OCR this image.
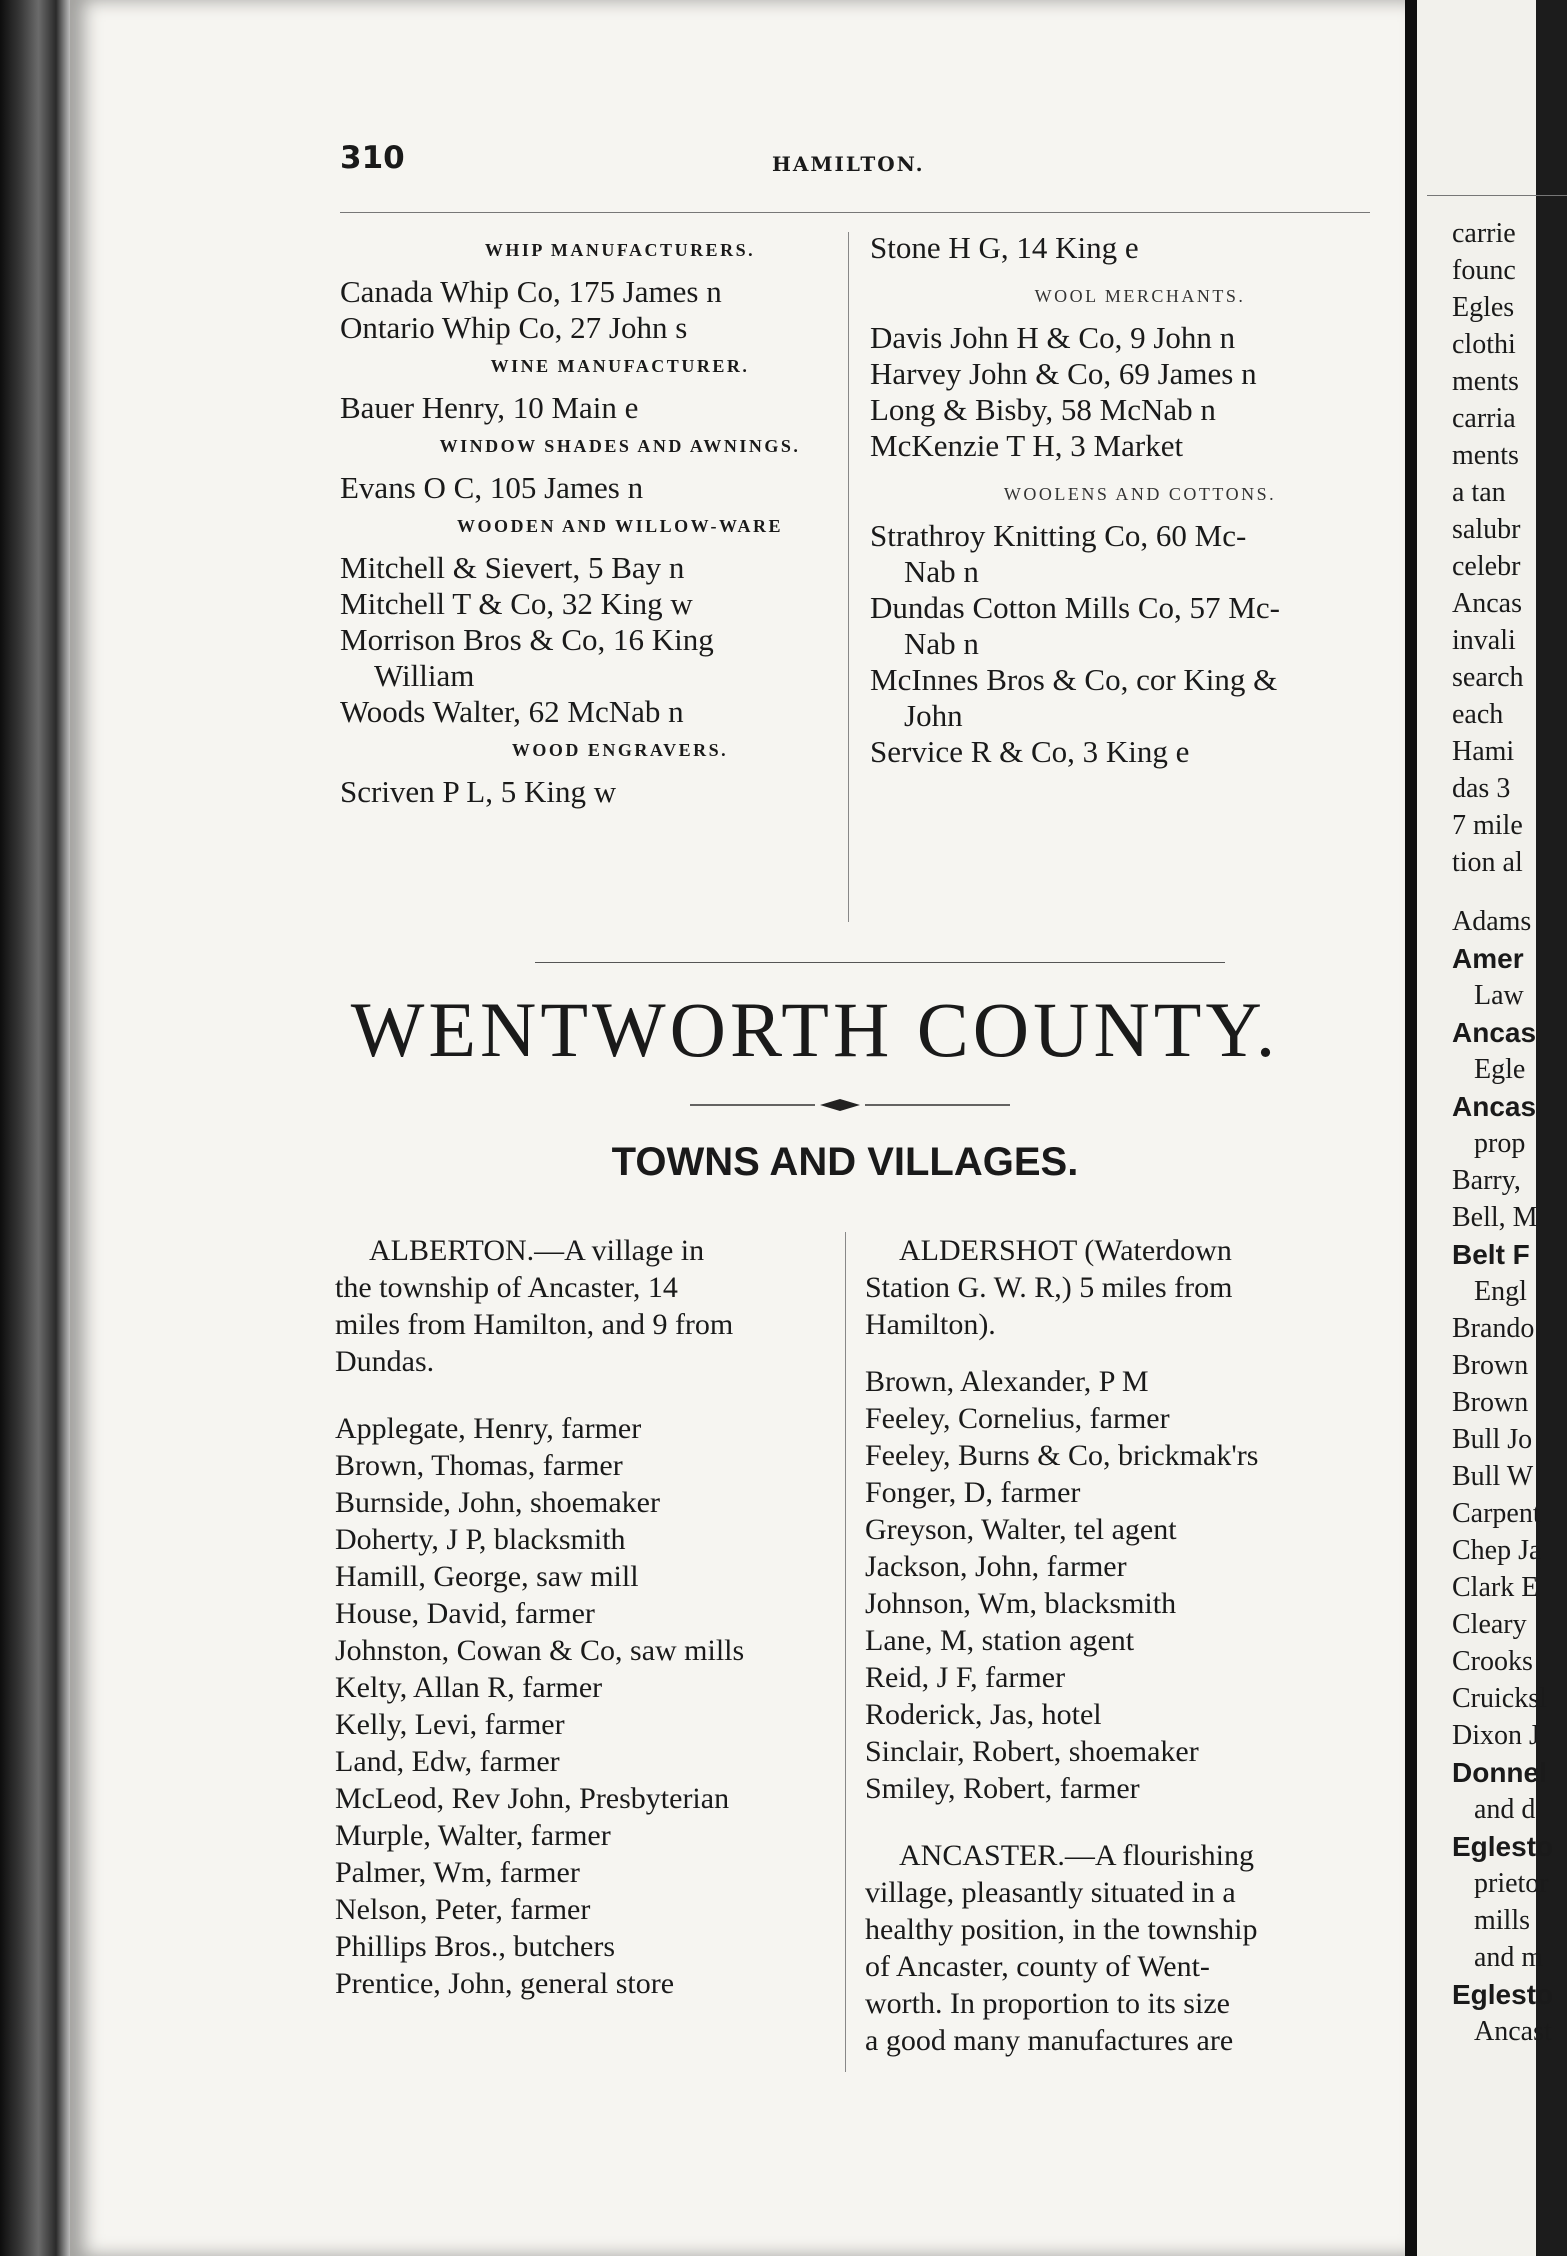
310	HAMILTON.
WHIP MANUFACTURERS.
Canada Whip Co, 175 James n
Ontario Whip Co, 27 John s
WINE MANUFACTURER.
Bauer Henry, 10 Main e
WINDOW SHADES AND AWNINGS.
Evans O C, 105 James n
WOODEN AND WILLOW-WARE
Mitchell & Sievert, 5 Bay n
Mitchell T & Co, 32 King w
Morrison Bros & Co, 16 King
William
Woods Walter, 62 McNab n
WOOD ENGRAVERS.
Scriven P L, 5 King w
Stone H G, 14 King e
WOOL MERCHANTS.
Davis John H & Co, 9 John n
Harvey John & Co, 69 James n
Long & Bisby, 58 McNab n
McKenzie T H, 3 Market
WOOLENS AND COTTONS.
Strathroy Knitting Co, 60 Mc-
Nab n
Dundas Cotton Mills Co, 57 Mc-
Nab n
McInnes Bros & Co, cor King &
John
Service R & Co, 3 King e
WENTWORTH COUNTY.
TOWNS AND VILLAGES.
ALBERTON.—A village in
the township of Ancaster, 14
miles from Hamilton, and 9 from
Dundas.
Applegate, Henry, farmer
Brown, Thomas, farmer
Burnside, John, shoemaker
Doherty, J P, blacksmith
Hamill, George, saw mill
House, David, farmer
Johnston, Cowan & Co, saw mills
Kelty, Allan R, farmer
Kelly, Levi, farmer
Land, Edw, farmer
McLeod, Rev John, Presbyterian
Murple, Walter, farmer
Palmer, Wm, farmer
Nelson, Peter, farmer
Phillips Bros., butchers
Prentice, John, general store
ALDERSHOT (Waterdown
Station G. W. R,) 5 miles from
Hamilton).
Brown, Alexander, P M
Feeley, Cornelius, farmer
Feeley, Burns & Co, brickmak'rs
Fonger, D, farmer
Greyson, Walter, tel agent
Jackson, John, farmer
Johnson, Wm, blacksmith
Lane, M, station agent
Reid, J F, farmer
Roderick, Jas, hotel
Sinclair, Robert, shoemaker
Smiley, Robert, farmer
ANCASTER.—A flourishing
village, pleasantly situated in a
healthy position, in the township
of Ancaster, county of Went-
worth. In proportion to its size
a good many manufactures are
carrie
founc
Egles
clothi
ments
carria
ments
a tan
salubr
celebr
Ancas
invali
search
each
Hami
das 3
7 mile
tion al
Adams
Amer
Law
Ancas
Egle
Ancas
prop
Barry,
Bell, M
Belt F
Engl
Brando
Brown
Brown
Bull Jo
Bull W
Carpent
Chep Ja
Clark E
Cleary
Crooks
Cruicksl
Dixon J
Donnel
and d
Eglesto
prietor
mills
and m
Eglesto
Ancast
